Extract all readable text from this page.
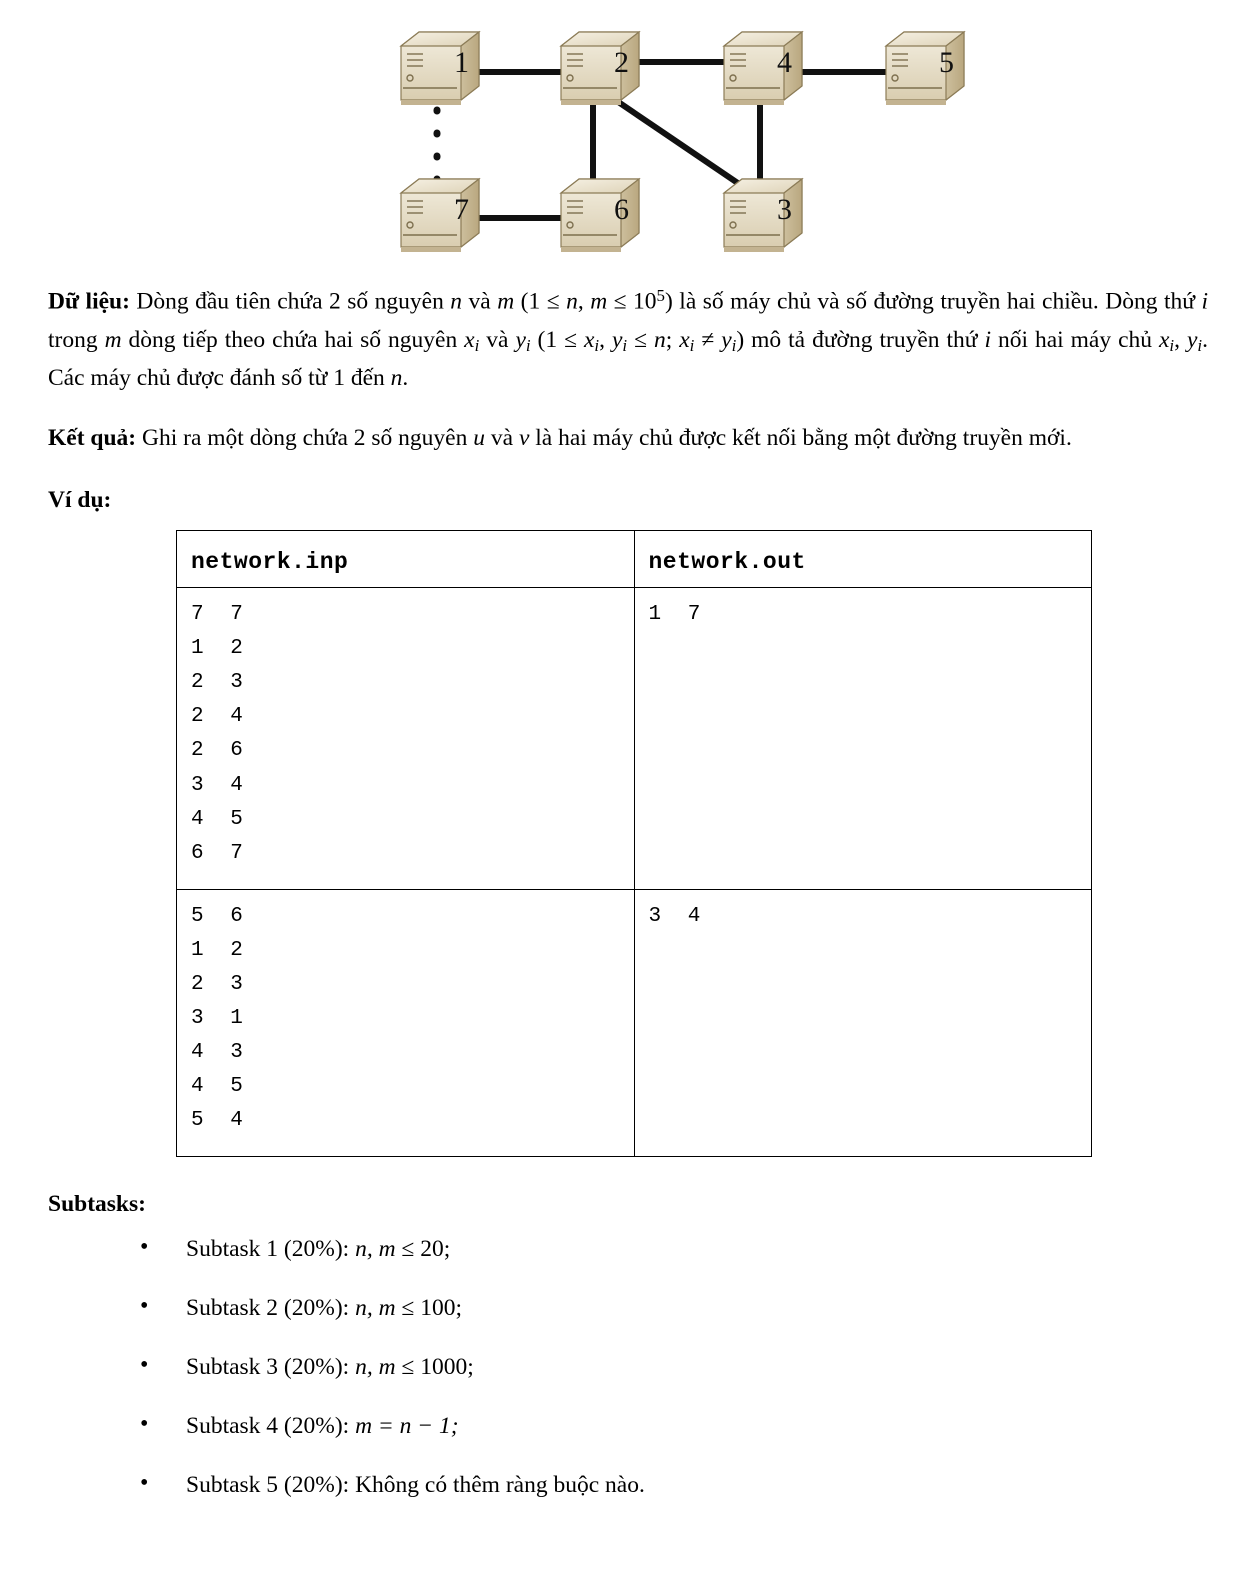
1	2	4	5
7	6	3

Dữ liệu: Dòng đầu tiên chứa 2 số nguyên n và m (1 ≤ n, $m \le 10^5$) là số máy chủ và số đường truyền hai chiều. Dòng thứ i trong m dòng tiếp theo chứa hai số nguyên $x_i$ và $y_i$ ($1 \le x_i$, $y_i \le n$; $x_i \ne y_i$) mô tả đường truyền thứ i nối hai máy chủ $x_i$, $y_i$. Các máy chủ được đánh số từ 1 đến n.

Kết quả: Ghi ra một dòng chứa 2 số nguyên u và v là hai máy chủ được kết nối bằng một đường truyền mới.

Ví dụ:
network.inp	network.out

7  7
1  2
2  3
2  4
2  6
3  4
4  5
6  7

1  7

5  6
1  2
2  3
3  1
4  3
4  5
5  4

3  4
Subtasks:
• Subtask 1 (20%): n, m ≤ 20;
• Subtask 2 (20%): n, m ≤ 100;
• Subtask 3 (20%): n, m ≤ 1000;
• Subtask 4 (20%): m = n − 1;
• Subtask 5 (20%): Không có thêm ràng buộc nào.
